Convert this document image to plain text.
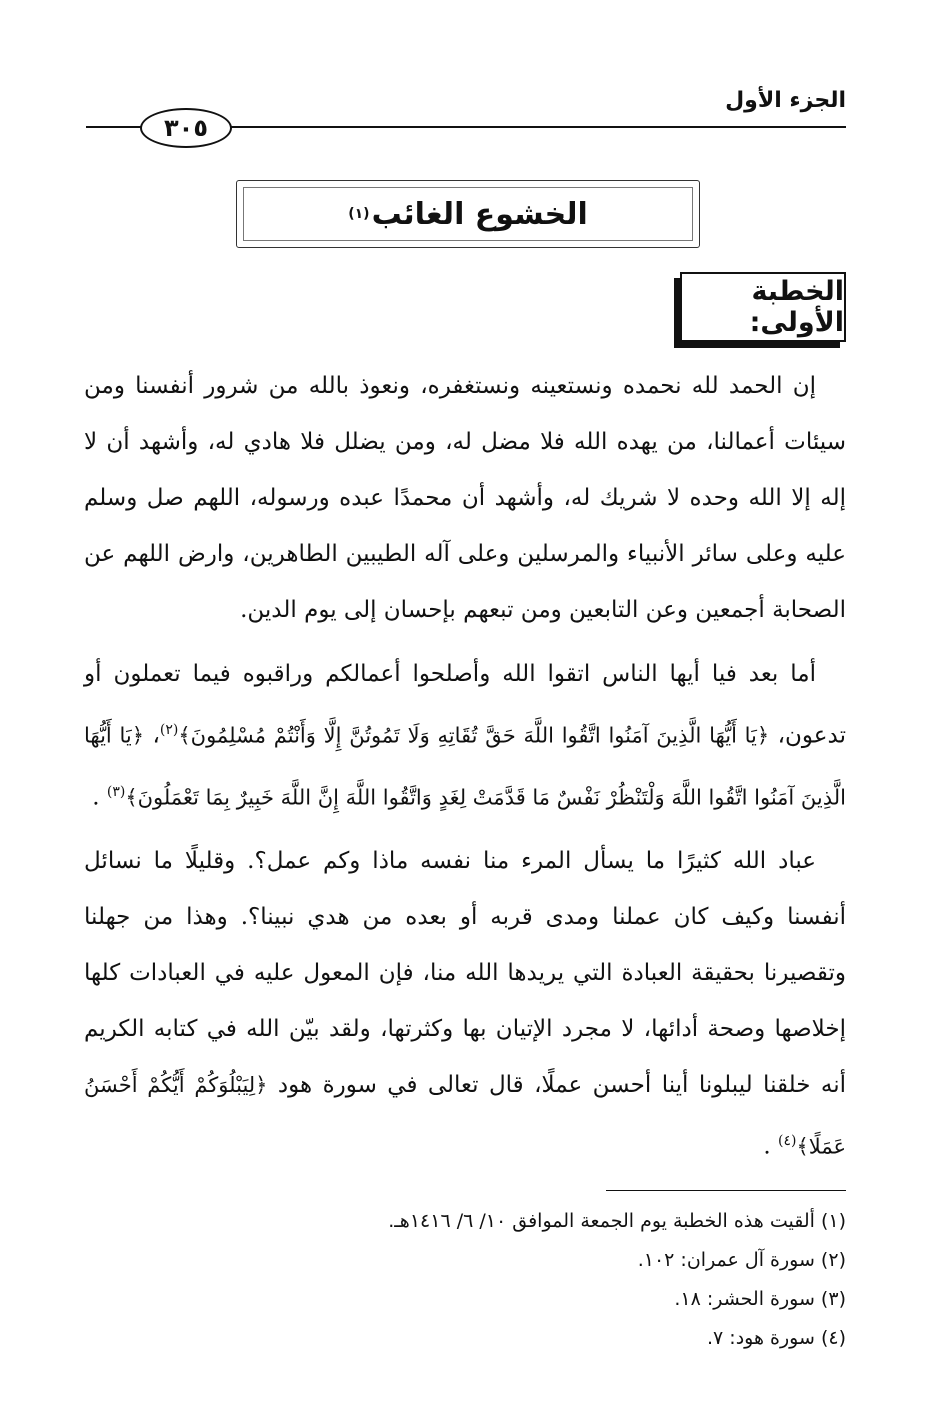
الجزء الأول
٣٠٥
الخشوع الغائب
(١)
الخطبة الأولى:

إن الحمد لله نحمده ونستعينه ونستغفره، ونعوذ بالله من شرور أنفسنا ومن سيئات أعمالنا، من يهده الله فلا مضل له، ومن يضلل فلا هادي له، وأشهد أن لا إله إلا الله وحده لا شريك له، وأشهد أن محمدًا عبده ورسوله، اللهم صل وسلم عليه وعلى سائر الأنبياء والمرسلين وعلى آله الطيبين الطاهرين، وارض اللهم عن الصحابة أجمعين وعن التابعين ومن تبعهم بإحسان إلى يوم الدين.

أما بعد فيا أيها الناس اتقوا الله وأصلحوا أعمالكم وراقبوه فيما تعملون أو تدعون، ﴿يَا أَيُّهَا الَّذِينَ آمَنُوا اتَّقُوا اللَّهَ حَقَّ تُقَاتِهِ وَلَا تَمُوتُنَّ إِلَّا وَأَنْتُمْ مُسْلِمُونَ﴾$^{(٢)}$، ﴿يَا أَيُّهَا الَّذِينَ آمَنُوا اتَّقُوا اللَّهَ وَلْتَنْظُرْ نَفْسٌ مَا قَدَّمَتْ لِغَدٍ وَاتَّقُوا اللَّهَ إِنَّ اللَّهَ خَبِيرٌ بِمَا تَعْمَلُونَ﴾$^{(٣)}$ .

عباد الله كثيرًا ما يسأل المرء منا نفسه ماذا وكم عمل؟. وقليلًا ما نسائل أنفسنا وكيف كان عملنا ومدى قربه أو بعده من هدي نبينا؟. وهذا من جهلنا وتقصيرنا بحقيقة العبادة التي يريدها الله منا، فإن المعول عليه في العبادات كلها إخلاصها وصحة أدائها، لا مجرد الإتيان بها وكثرتها، ولقد بيّن الله في كتابه الكريم أنه خلقنا ليبلونا أينا أحسن عملًا، قال تعالى في سورة هود ﴿لِيَبْلُوَكُمْ أَيُّكُمْ أَحْسَنُ عَمَلًا﴾$^{(٤)}$ .

(١) ألقيت هذه الخطبة يوم الجمعة الموافق ١٠/ ٦/ ١٤١٦هـ.
(٢) سورة آل عمران: ١٠٢.
(٣) سورة الحشر: ١٨.
(٤) سورة هود: ٧.
